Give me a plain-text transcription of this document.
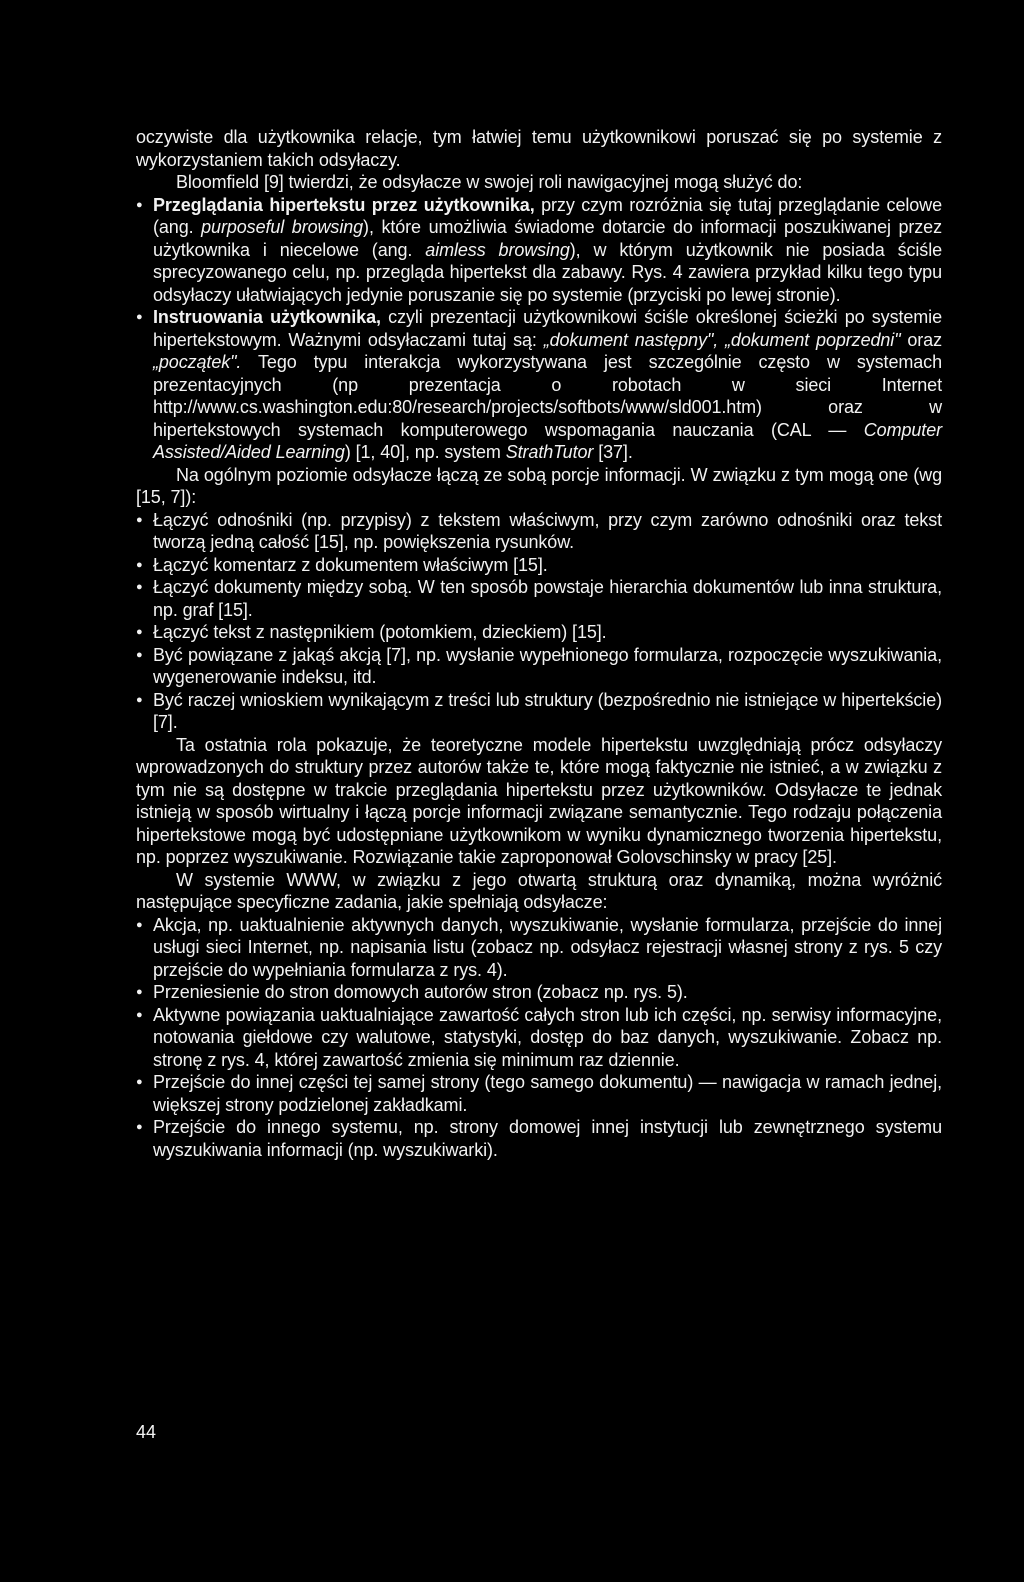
oczywiste dla użytkownika relacje, tym łatwiej temu użytkownikowi poruszać się po systemie z wykorzystaniem takich odsyłaczy.

Bloomfield [9] twierdzi, że odsyłacze w swojej roli nawigacyjnej mogą służyć do:

● Przeglądania hipertekstu przez użytkownika, przy czym rozróżnia się tutaj przeglądanie celowe (ang. purposeful browsing), które umożliwia świadome dotarcie do informacji poszukiwanej przez użytkownika i niecelowe (ang. aimless browsing), w którym użytkownik nie posiada ściśle sprecyzowanego celu, np. przegląda hipertekst dla zabawy. Rys. 4 zawiera przykład kilku tego typu odsyłaczy ułatwiających jedynie poruszanie się po systemie (przyciski po lewej stronie).
● Instruowania użytkownika, czyli prezentacji użytkownikowi ściśle określonej ścieżki po systemie hipertekstowym. Ważnymi odsyłaczami tutaj są: „dokument następny", „dokument poprzedni" oraz „początek". Tego typu interakcja wykorzystywana jest szczególnie często w systemach prezentacyjnych (np prezentacja o robotach w sieci Internet http://www.cs.washington.edu:80/research/projects/softbots/www/sld001.htm) oraz w hipertekstowych systemach komputerowego wspomagania nauczania (CAL — Computer Assisted/Aided Learning) [1, 40], np. system StrathTutor [37].

Na ogólnym poziomie odsyłacze łączą ze sobą porcje informacji. W związku z tym mogą one (wg [15, 7]):

● Łączyć odnośniki (np. przypisy) z tekstem właściwym, przy czym zarówno odnośniki oraz tekst tworzą jedną całość [15], np. powiększenia rysunków.
● Łączyć komentarz z dokumentem właściwym [15].
● Łączyć dokumenty między sobą. W ten sposób powstaje hierarchia dokumentów lub inna struktura, np. graf [15].
● Łączyć tekst z następnikiem (potomkiem, dzieckiem) [15].
● Być powiązane z jakąś akcją [7], np. wysłanie wypełnionego formularza, rozpoczęcie wyszukiwania, wygenerowanie indeksu, itd.
● Być raczej wnioskiem wynikającym z treści lub struktury (bezpośrednio nie istniejące w hipertekście) [7].

Ta ostatnia rola pokazuje, że teoretyczne modele hipertekstu uwzględniają prócz odsyłaczy wprowadzonych do struktury przez autorów także te, które mogą faktycznie nie istnieć, a w związku z tym nie są dostępne w trakcie przeglądania hipertekstu przez użytkowników. Odsyłacze te jednak istnieją w sposób wirtualny i łączą porcje informacji związane semantycznie. Tego rodzaju połączenia hipertekstowe mogą być udostępniane użytkownikom w wyniku dynamicznego tworzenia hipertekstu, np. poprzez wyszukiwanie. Rozwiązanie takie zaproponował Golovschinsky w pracy [25].

W systemie WWW, w związku z jego otwartą strukturą oraz dynamiką, można wyróżnić następujące specyficzne zadania, jakie spełniają odsyłacze:

● Akcja, np. uaktualnienie aktywnych danych, wyszukiwanie, wysłanie formularza, przejście do innej usługi sieci Internet, np. napisania listu (zobacz np. odsyłacz rejestracji własnej strony z rys. 5 czy przejście do wypełniania formularza z rys. 4).
● Przeniesienie do stron domowych autorów stron (zobacz np. rys. 5).
● Aktywne powiązania uaktualniające zawartość całych stron lub ich części, np. serwisy informacyjne, notowania giełdowe czy walutowe, statystyki, dostęp do baz danych, wyszukiwanie. Zobacz np. stronę z rys. 4, której zawartość zmienia się minimum raz dziennie.
● Przejście do innej części tej samej strony (tego samego dokumentu) — nawigacja w ramach jednej, większej strony podzielonej zakładkami.
● Przejście do innego systemu, np. strony domowej innej instytucji lub zewnętrznego systemu wyszukiwania informacji (np. wyszukiwarki).
44
